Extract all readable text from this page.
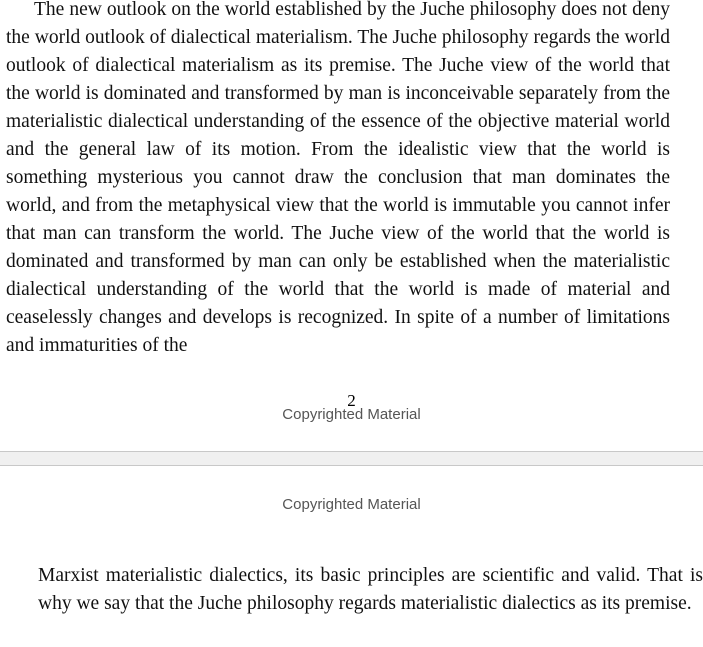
The new outlook on the world established by the Juche philosophy does not deny the world outlook of dialectical materialism. The Juche philosophy regards the world outlook of dialectical materialism as its premise. The Juche view of the world that the world is dominated and transformed by man is inconceivable separately from the materialistic dialectical understanding of the essence of the objective material world and the general law of its motion. From the idealistic view that the world is something mysterious you cannot draw the conclusion that man dominates the world, and from the metaphysical view that the world is immutable you cannot infer that man can transform the world. The Juche view of the world that the world is dominated and transformed by man can only be established when the materialistic dialectical understanding of the world that the world is made of material and ceaselessly changes and develops is recognized. In spite of a number of limitations and immaturities of the

2
Copyrighted Material
Copyrighted Material

Marxist materialistic dialectics, its basic principles are scientific and valid. That is why we say that the Juche philosophy regards materialistic dialectics as its premise.
